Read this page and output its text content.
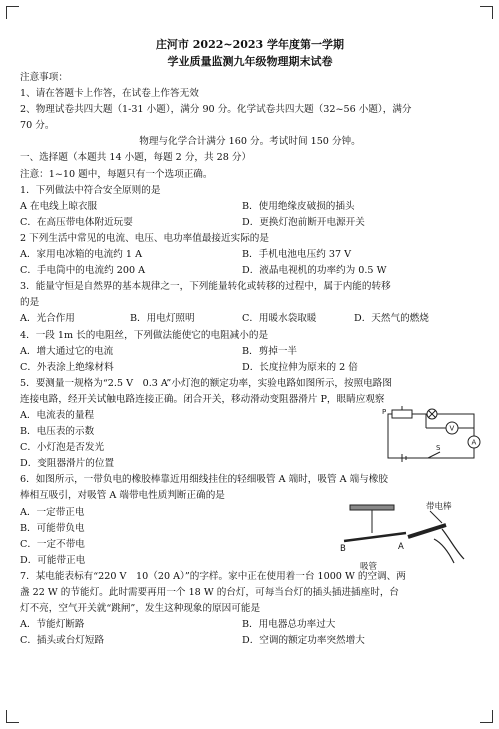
庄河市 2022~2023 学年度第一学期
学业质量监测九年级物理期末试卷
注意事项：
1、请在答题卡上作答，在试卷上作答无效
2、物理试卷共四大题（1-31 小题），满分 90 分。化学试卷共四大题（32~56 小题），满分
70 分。
物理与化学合计满分 160 分。考试时间 150 分钟。
一、选择题（本题共 14 小题，每题 2 分，共 28 分）
注意：1~10 题中，每题只有一个选项正确。
1．下列做法中符合安全原则的是
A 在电线上晾衣服	B．使用绝缘皮破损的插头
C．在高压带电体附近玩耍	D．更换灯泡前断开电源开关
2 下列生活中常见的电流、电压、电功率值最接近实际的是
A．家用电冰箱的电流约 1 A	B．手机电池电压约 37 V
C．手电筒中的电流约 200 A	D．液晶电视机的功率约为 0.5 W
3．能量守恒是自然界的基本规律之一，下列能量转化或转移的过程中，属于内能的转移
的是
A．光合作用	B．用电灯照明	C．用暖水袋取暖	D．天然气的燃烧
4．一段 1m 长的电阻丝，下列做法能使它的电阻减小的是
A．增大通过它的电流	B．剪掉一半
C．外表涂上绝缘材料	D．长度拉伸为原来的 2 倍
5．要测量一规格为“2.5 V　0.3 A”小灯泡的额定功率，实验电路如图所示，按照电路图
连接电路，经开关试触电路连接正确。闭合开关，移动滑动变阻器滑片 P，眼睛应观察
A．电流表的量程
B．电压表的示数
P
V
S
A
C．小灯泡是否发光
D．变阻器滑片的位置
6．如图所示，一带负电的橡胶棒靠近用细线挂住的轻细吸管 A 端时，吸管 A 端与橡胶
棒相互吸引，对吸管 A 端带电性质判断正确的是
带电棒
B	A
吸管
A．一定带正电
B．可能带负电
C．一定不带电
D．可能带正电
7．某电能表标有“220 V　10（20 A）”的字样。家中正在使用着一台 1000 W 的空调、两
盏 22 W 的节能灯。此时需要再用一个 18 W 的台灯，可每当台灯的插头插进插座时，台
灯不亮，空气开关就“跳闸”，发生这种现象的原因可能是
A．节能灯断路	B．用电器总功率过大
C．插头或台灯短路	D．空调的额定功率突然增大
